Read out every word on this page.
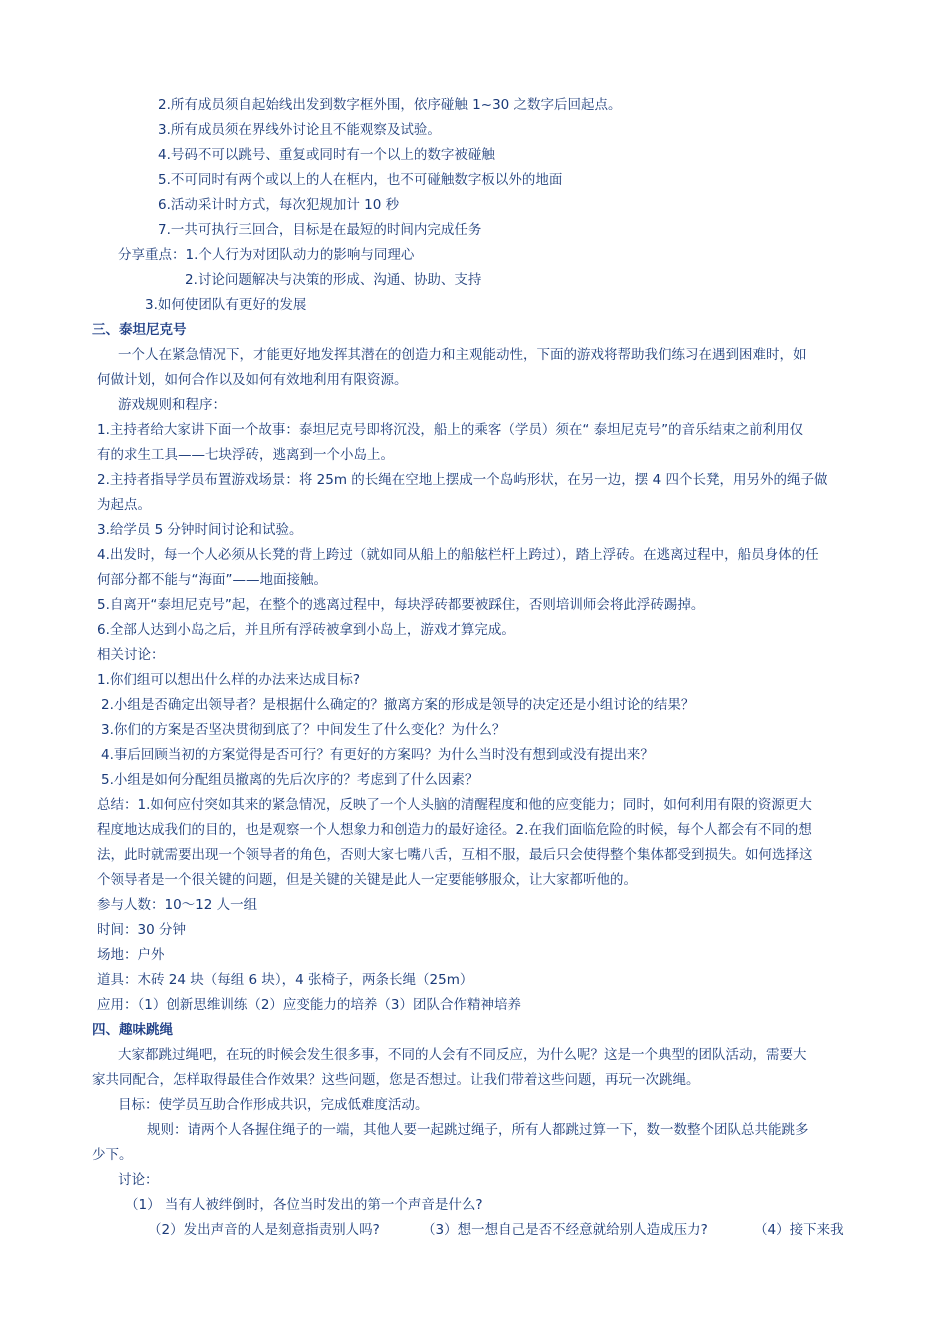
2.所有成员须自起始线出发到数字框外围，依序碰触 1~30 之数字后回起点。
3.所有成员须在界线外讨论且不能观察及试验。
4.号码不可以跳号、重复或同时有一个以上的数字被碰触
5.不可同时有两个或以上的人在框内，也不可碰触数字板以外的地面
6.活动采计时方式，每次犯规加计 10 秒
7.一共可执行三回合，目标是在最短的时间内完成任务
分享重点：1.个人行为对团队动力的影响与同理心
2.讨论问题解决与决策的形成、沟通、协助、支持
3.如何使团队有更好的发展
三、泰坦尼克号
一个人在紧急情况下，才能更好地发挥其潜在的创造力和主观能动性，下面的游戏将帮助我们练习在遇到困难时，如
何做计划，如何合作以及如何有效地利用有限资源。
游戏规则和程序：
1.主持者给大家讲下面一个故事：泰坦尼克号即将沉没，船上的乘客（学员）须在“ 泰坦尼克号”的音乐结束之前利用仅
有的求生工具——七块浮砖，逃离到一个小岛上。
2.主持者指导学员布置游戏场景：将 25m 的长绳在空地上摆成一个岛屿形状，在另一边，摆 4 四个长凳，用另外的绳子做
为起点。
3.给学员 5 分钟时间讨论和试验。
4.出发时，每一个人必须从长凳的背上跨过（就如同从船上的船舷栏杆上跨过），踏上浮砖。在逃离过程中，船员身体的任
何部分都不能与“海面”——地面接触。
5.自离开“泰坦尼克号”起，在整个的逃离过程中，每块浮砖都要被踩住，否则培训师会将此浮砖踢掉。
6.全部人达到小岛之后，并且所有浮砖被拿到小岛上，游戏才算完成。
相关讨论：
1.你们组可以想出什么样的办法来达成目标?
2.小组是否确定出领导者？是根据什么确定的？撤离方案的形成是领导的决定还是小组讨论的结果？
3.你们的方案是否坚决贯彻到底了？中间发生了什么变化？为什么？
4.事后回顾当初的方案觉得是否可行？有更好的方案吗？为什么当时没有想到或没有提出来？
5.小组是如何分配组员撤离的先后次序的？考虑到了什么因素？
总结：1.如何应付突如其来的紧急情况，反映了一个人头脑的清醒程度和他的应变能力；同时，如何利用有限的资源更大
程度地达成我们的目的，也是观察一个人想象力和创造力的最好途径。2.在我们面临危险的时候，每个人都会有不同的想
法，此时就需要出现一个领导者的角色，否则大家七嘴八舌，互相不服，最后只会使得整个集体都受到损失。如何选择这
个领导者是一个很关键的问题，但是关键的关键是此人一定要能够服众，让大家都听他的。
参与人数：10～12 人一组
时间：30 分钟
场地：户外
道具：木砖 24 块（每组 6 块），4 张椅子，两条长绳（25m）
应用：（1）创新思维训练（2）应变能力的培养（3）团队合作精神培养
四、趣味跳绳
大家都跳过绳吧，在玩的时候会发生很多事，不同的人会有不同反应，为什么呢？这是一个典型的团队活动，需要大
家共同配合，怎样取得最佳合作效果？这些问题，您是否想过。让我们带着这些问题，再玩一次跳绳。
目标：使学员互助合作形成共识，完成低难度活动。
规则：请两个人各握住绳子的一端，其他人要一起跳过绳子，所有人都跳过算一下，数一数整个团队总共能跳多
少下。
讨论：
（1） 当有人被绊倒时，各位当时发出的第一个声音是什么?
（2）发出声音的人是刻意指责别人吗?	（3）想一想自己是否不经意就给别人造成压力?	（4）接下来我
